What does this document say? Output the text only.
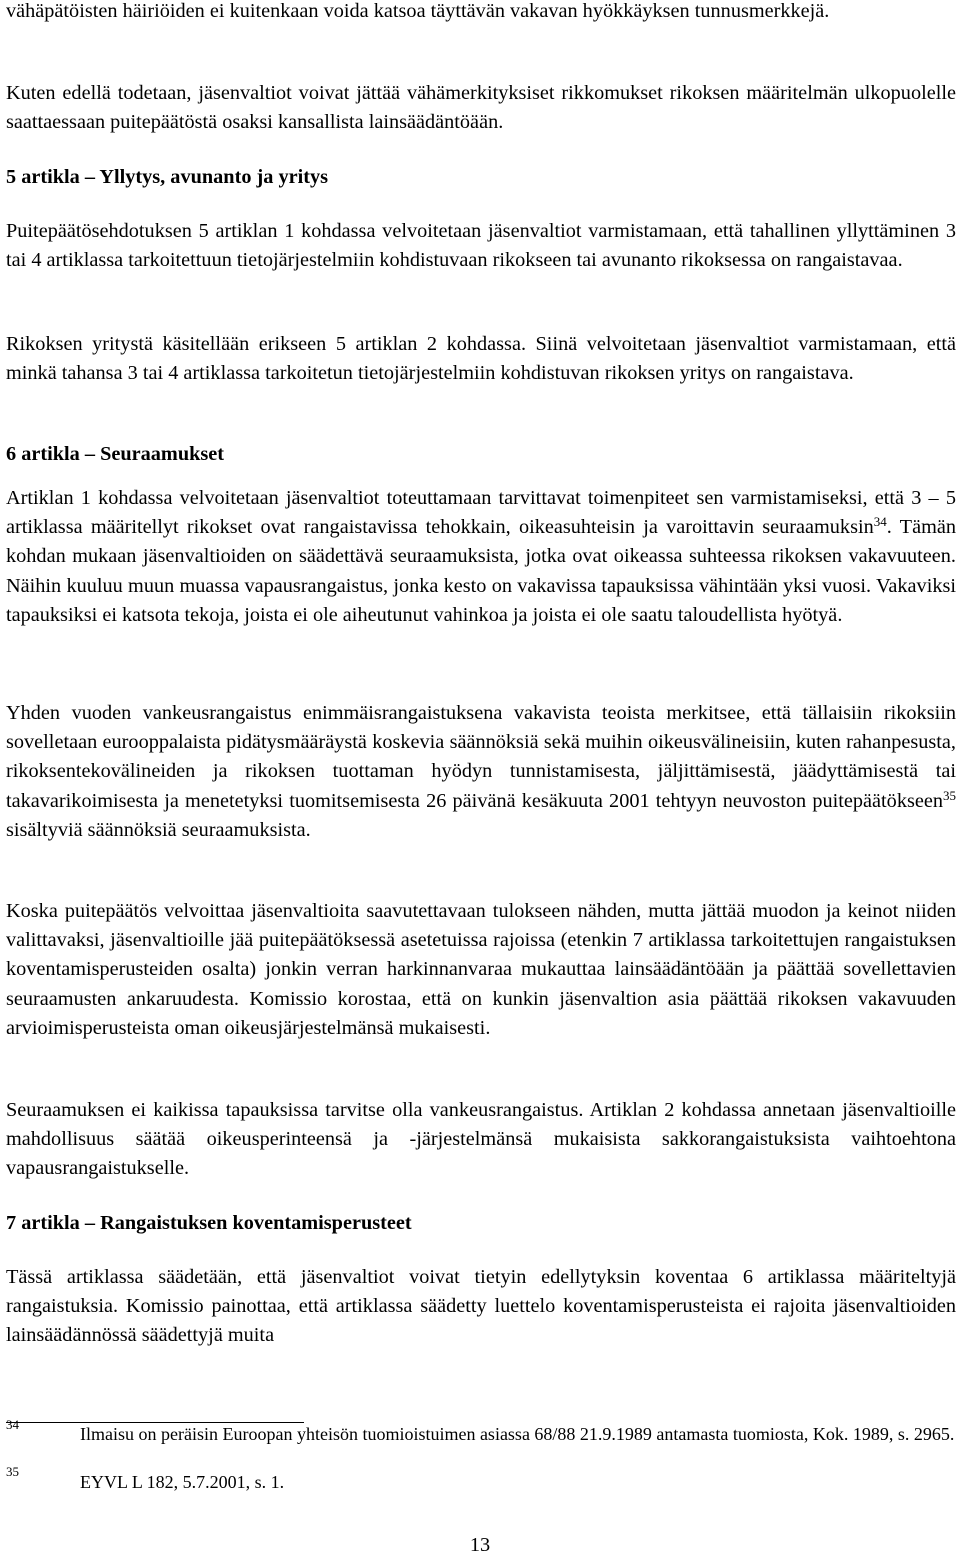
vähäpätöisten häiriöiden ei kuitenkaan voida katsoa täyttävän vakavan hyökkäyksen tunnusmerkkejä.

Kuten edellä todetaan, jäsenvaltiot voivat jättää vähämerkityksiset rikkomukset rikoksen määritelmän ulkopuolelle saattaessaan puitepäätöstä osaksi kansallista lainsäädäntöään.

5 artikla – Yllytys, avunanto ja yritys

Puitepäätösehdotuksen 5 artiklan 1 kohdassa velvoitetaan jäsenvaltiot varmistamaan, että tahallinen yllyttäminen 3 tai 4 artiklassa tarkoitettuun tietojärjestelmiin kohdistuvaan rikokseen tai avunanto rikoksessa on rangaistavaa.

Rikoksen yritystä käsitellään erikseen 5 artiklan 2 kohdassa. Siinä velvoitetaan jäsenvaltiot varmistamaan, että minkä tahansa 3 tai 4 artiklassa tarkoitetun tietojärjestelmiin kohdistuvan rikoksen yritys on rangaistava.

6 artikla – Seuraamukset

Artiklan 1 kohdassa velvoitetaan jäsenvaltiot toteuttamaan tarvittavat toimenpiteet sen varmistamiseksi, että 3 – 5 artiklassa määritellyt rikokset ovat rangaistavissa tehokkain, oikeasuhteisin ja varoittavin seuraamuksin$^{34}$. Tämän kohdan mukaan jäsenvaltioiden on säädettävä seuraamuksista, jotka ovat oikeassa suhteessa rikoksen vakavuuteen. Näihin kuuluu muun muassa vapausrangaistus, jonka kesto on vakavissa tapauksissa vähintään yksi vuosi. Vakaviksi tapauksiksi ei katsota tekoja, joista ei ole aiheutunut vahinkoa ja joista ei ole saatu taloudellista hyötyä.

Yhden vuoden vankeusrangaistus enimmäisrangaistuksena vakavista teoista merkitsee, että tällaisiin rikoksiin sovelletaan eurooppalaista pidätysmääräystä koskevia säännöksiä sekä muihin oikeusvälineisiin, kuten rahanpesusta, rikoksentekovälineiden ja rikoksen tuottaman hyödyn tunnistamisesta, jäljittämisestä, jäädyttämisestä tai takavarikoimisesta ja menetetyksi tuomitsemisesta 26 päivänä kesäkuuta 2001 tehtyyn neuvoston puitepäätökseen$^{35}$ sisältyviä säännöksiä seuraamuksista.

Koska puitepäätös velvoittaa jäsenvaltioita saavutettavaan tulokseen nähden, mutta jättää muodon ja keinot niiden valittavaksi, jäsenvaltioille jää puitepäätöksessä asetetuissa rajoissa (etenkin 7 artiklassa tarkoitettujen rangaistuksen koventamisperusteiden osalta) jonkin verran harkinnanvaraa mukauttaa lainsäädäntöään ja päättää sovellettavien seuraamusten ankaruudesta. Komissio korostaa, että on kunkin jäsenvaltion asia päättää rikoksen vakavuuden arvioimisperusteista oman oikeusjärjestelmänsä mukaisesti.

Seuraamuksen ei kaikissa tapauksissa tarvitse olla vankeusrangaistus. Artiklan 2 kohdassa annetaan jäsenvaltioille mahdollisuus säätää oikeusperinteensä ja -järjestelmänsä mukaisista sakkorangaistuksista vaihtoehtona vapausrangaistukselle.

7 artikla – Rangaistuksen koventamisperusteet

Tässä artiklassa säädetään, että jäsenvaltiot voivat tietyin edellytyksin koventaa 6 artiklassa määriteltyjä rangaistuksia. Komissio painottaa, että artiklassa säädetty luettelo koventamisperusteista ei rajoita jäsenvaltioiden lainsäädännössä säädettyjä muita

34	Ilmaisu on peräisin Euroopan yhteisön tuomioistuimen asiassa 68/88 21.9.1989 antamasta tuomiosta, Kok. 1989, s. 2965.

35

EYVL L 182, 5.7.2001, s. 1.

13
